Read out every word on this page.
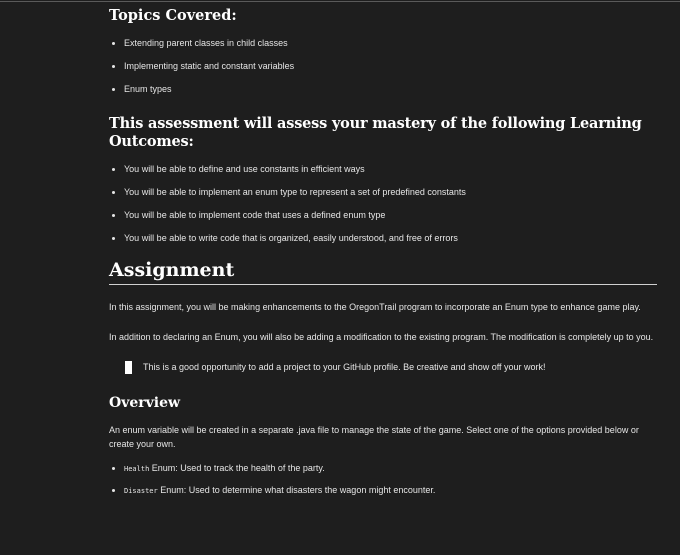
Topics Covered:
Extending parent classes in child classes
Implementing static and constant variables
Enum types
This assessment will assess your mastery of the following Learning Outcomes:
You will be able to define and use constants in efficient ways
You will be able to implement an enum type to represent a set of predefined constants
You will be able to implement code that uses a defined enum type
You will be able to write code that is organized, easily understood, and free of errors
Assignment

In this assignment, you will be making enhancements to the OregonTrail program to incorporate an Enum type to enhance game play.

In addition to declaring an Enum, you will also be adding a modification to the existing program. The modification is completely up to you.

This is a good opportunity to add a project to your GitHub profile. Be creative and show off your work!
Overview

An enum variable will be created in a separate .java file to manage the state of the game. Select one of the options provided below or create your own.

Health Enum: Used to track the health of the party.
Disaster Enum: Used to determine what disasters the wagon might encounter.
